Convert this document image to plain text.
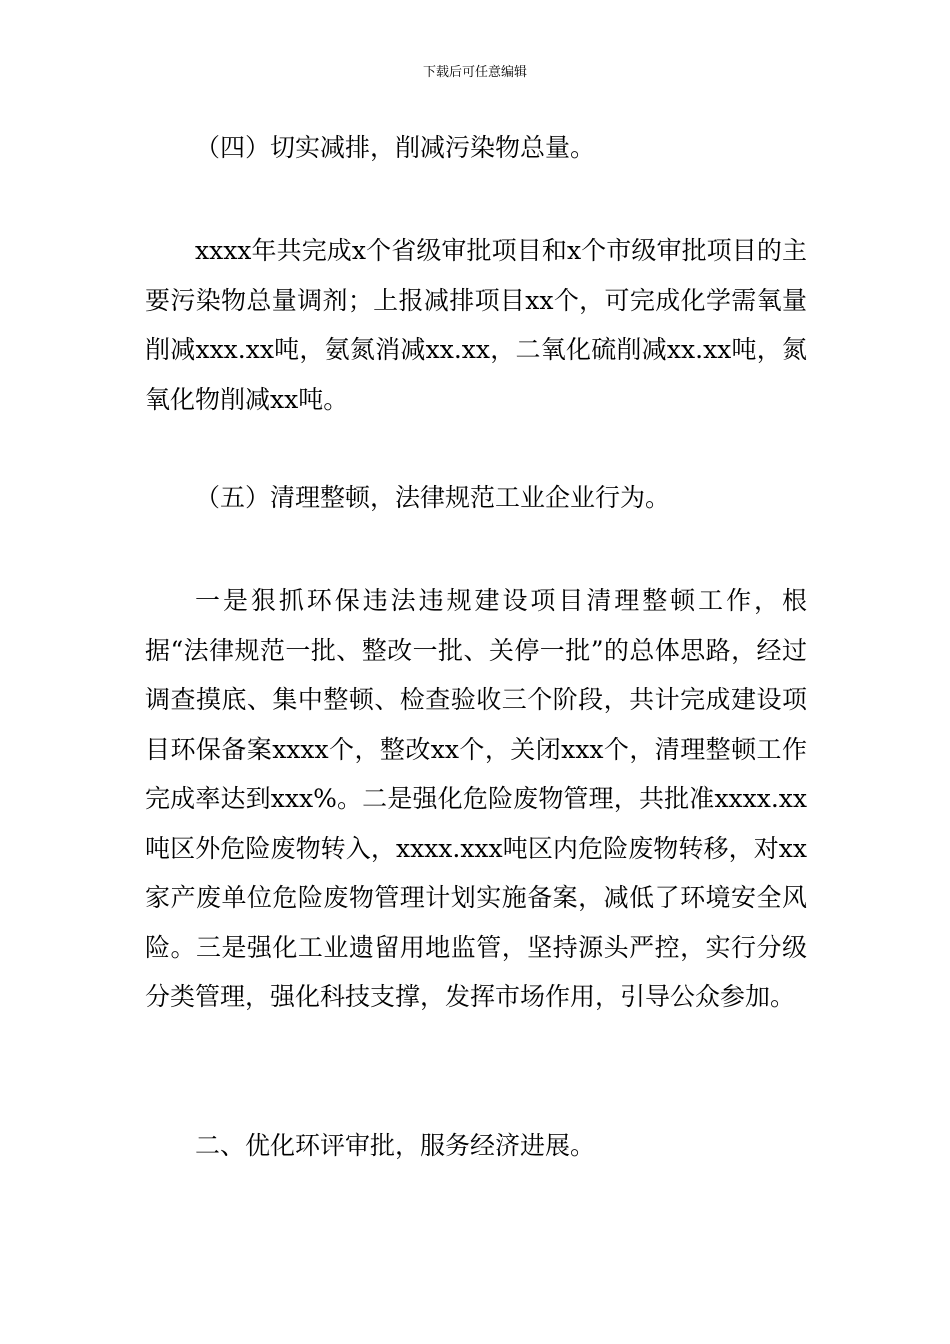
下载后可任意编辑

（四）切实减排，削减污染物总量。

xxxx年共完成x个省级审批项目和x个市级审批项目的主要污染物总量调剂；上报减排项目xx个，可完成化学需氧量削减xxx.xx吨，氨氮消减xx.xx，二氧化硫削减xx.xx吨，氮氧化物削减xx吨。

（五）清理整顿，法律规范工业企业行为。

一是狠抓环保违法违规建设项目清理整顿工作，根据“法律规范一批、整改一批、关停一批”的总体思路，经过调查摸底、集中整顿、检查验收三个阶段，共计完成建设项目环保备案xxxx个，整改xx个，关闭xxx个，清理整顿工作完成率达到xxx%。二是强化危险废物管理，共批准xxxx.xx吨区外危险废物转入，xxxx.xxx吨区内危险废物转移，对xx家产废单位危险废物管理计划实施备案，减低了环境安全风险。三是强化工业遗留用地监管，坚持源头严控，实行分级分类管理，强化科技支撑，发挥市场作用，引导公众参加。

二、优化环评审批，服务经济进展。
